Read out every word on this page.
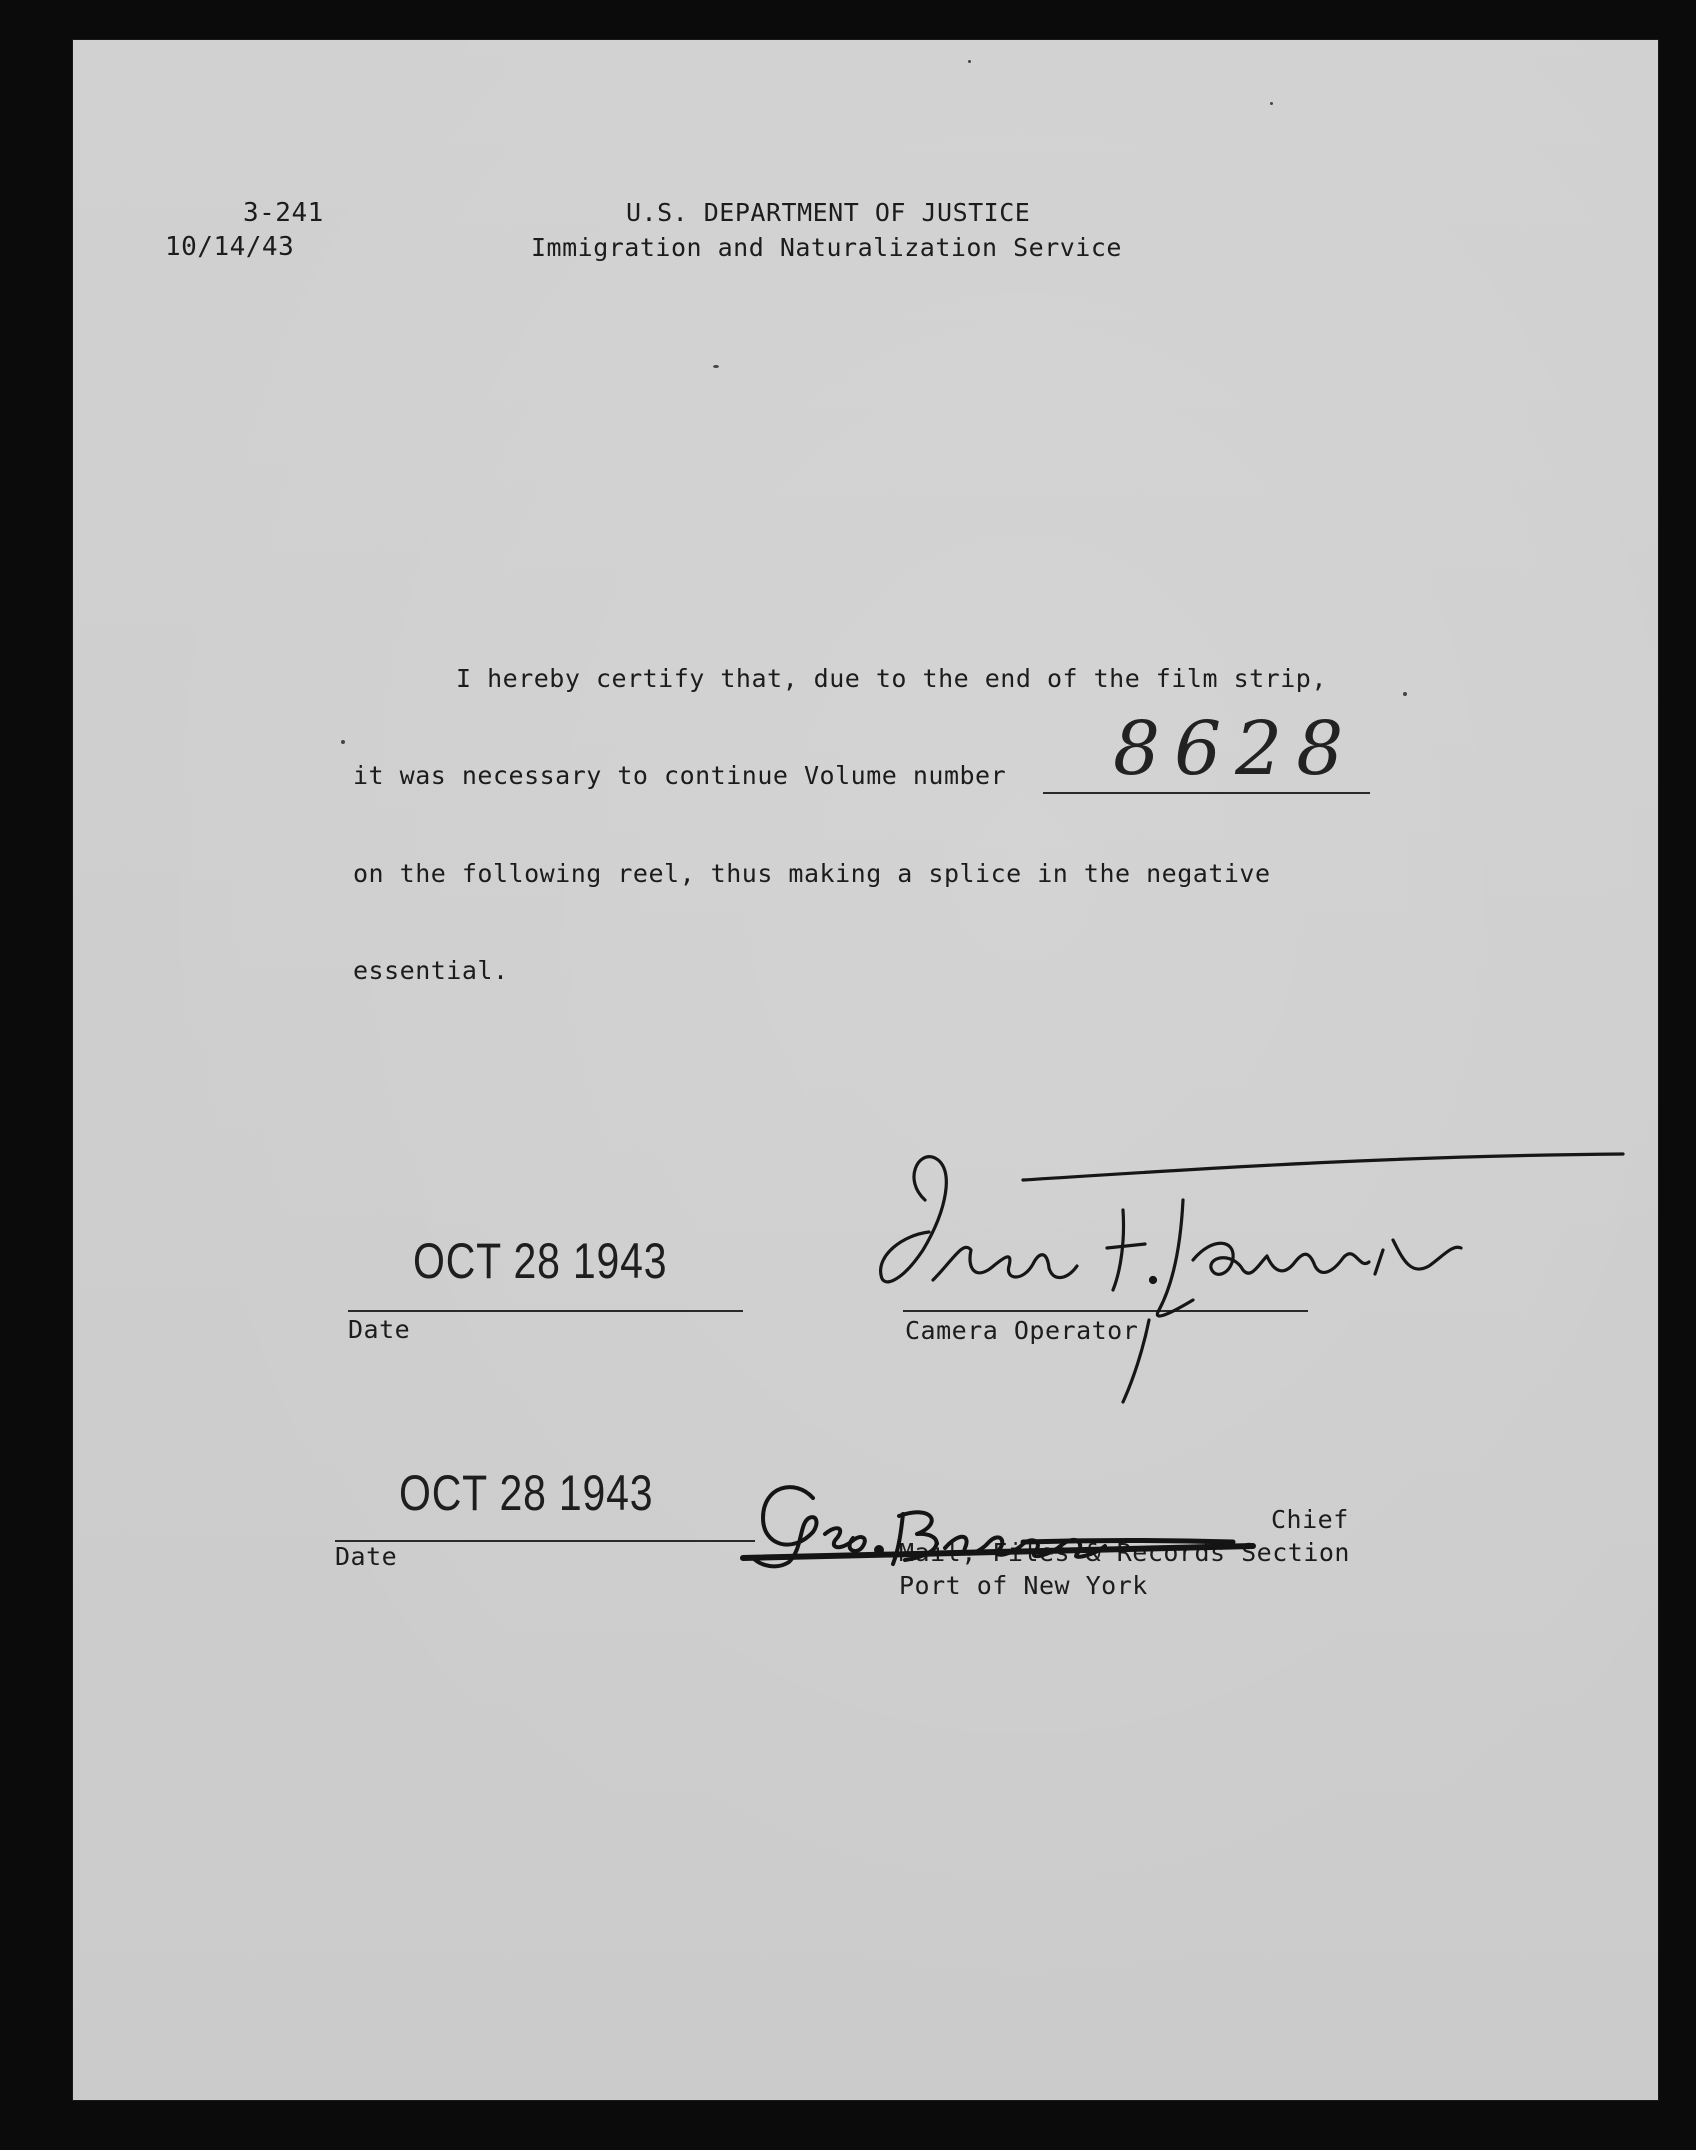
3-241
10/14/43
U.S. DEPARTMENT OF JUSTICE
Immigration and Naturalization Service
I hereby certify that, due to the end of the film strip,
it was necessary to continue Volume number 8628
on the following reel, thus making a splice in the negative
essential.
OCT 28 1943
Date	Camera Operator
OCT 28 1943
Date
Chief
Mail, Files & Records Section
Port of New York
